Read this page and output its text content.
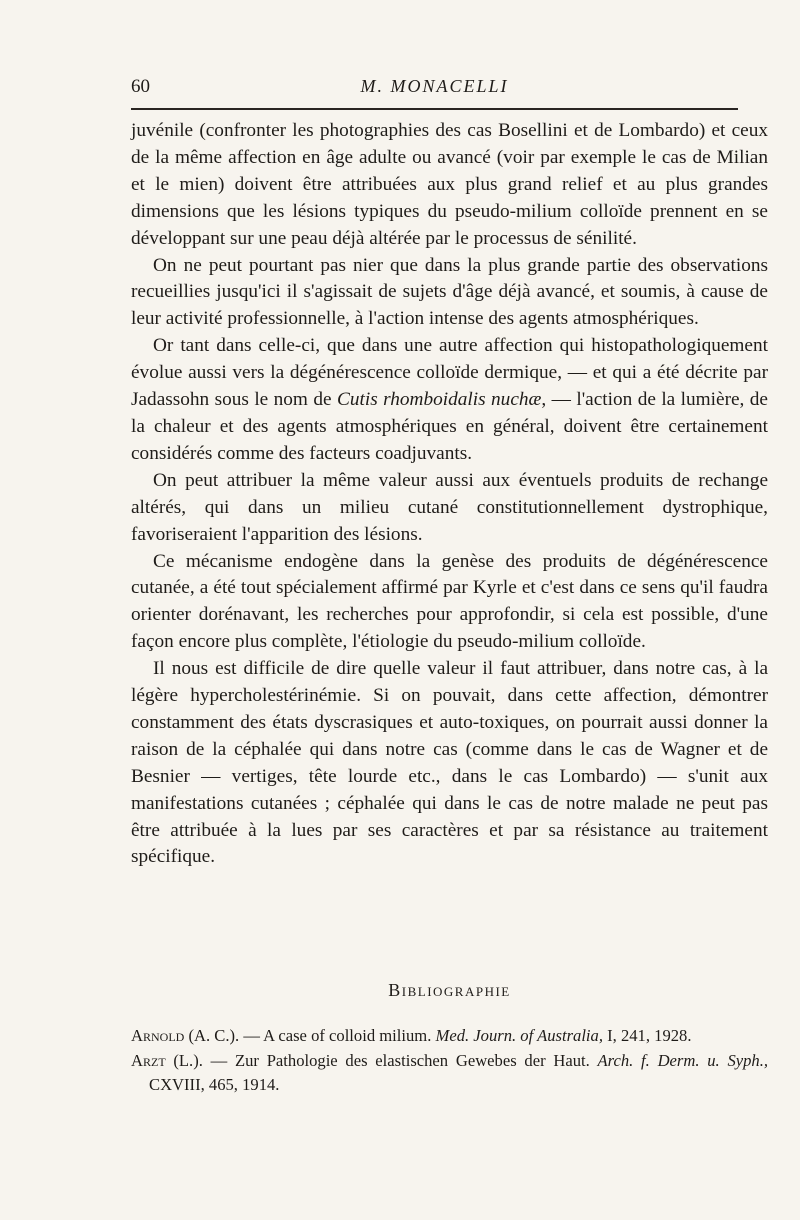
60	M. MONACELLI

juvénile (confronter les photographies des cas Bosellini et de Lombardo) et ceux de la même affection en âge adulte ou avancé (voir par exemple le cas de Milian et le mien) doivent être attribuées aux plus grand relief et au plus grandes dimensions que les lésions typiques du pseudo-milium colloïde prennent en se développant sur une peau déjà altérée par le processus de sénilité.

On ne peut pourtant pas nier que dans la plus grande partie des observations recueillies jusqu'ici il s'agissait de sujets d'âge déjà avancé, et soumis, à cause de leur activité professionnelle, à l'action intense des agents atmosphériques.

Or tant dans celle-ci, que dans une autre affection qui histopathologiquement évolue aussi vers la dégénérescence colloïde dermique, — et qui a été décrite par Jadassohn sous le nom de Cutis rhomboidalis nuchæ, — l'action de la lumière, de la chaleur et des agents atmosphériques en général, doivent être certainement considérés comme des facteurs coadjuvants.

On peut attribuer la même valeur aussi aux éventuels produits de rechange altérés, qui dans un milieu cutané constitutionnellement dystrophique, favoriseraient l'apparition des lésions.

Ce mécanisme endogène dans la genèse des produits de dégénérescence cutanée, a été tout spécialement affirmé par Kyrle et c'est dans ce sens qu'il faudra orienter dorénavant, les recherches pour approfondir, si cela est possible, d'une façon encore plus complète, l'étiologie du pseudo-milium colloïde.

Il nous est difficile de dire quelle valeur il faut attribuer, dans notre cas, à la légère hypercholestérinémie. Si on pouvait, dans cette affection, démontrer constamment des états dyscrasiques et auto-toxiques, on pourrait aussi donner la raison de la céphalée qui dans notre cas (comme dans le cas de Wagner et de Besnier — vertiges, tête lourde etc., dans le cas Lombardo) — s'unit aux manifestations cutanées ; céphalée qui dans le cas de notre malade ne peut pas être attribuée à la lues par ses caractères et par sa résistance au traitement spécifique.

Bibliographie

Arnold (A. C.). — A case of colloid milium. Med. Journ. of Australia, I, 241, 1928.

Arzt (L.). — Zur Pathologie des elastischen Gewebes der Haut. Arch. f. Derm. u. Syph., CXVIII, 465, 1914.
